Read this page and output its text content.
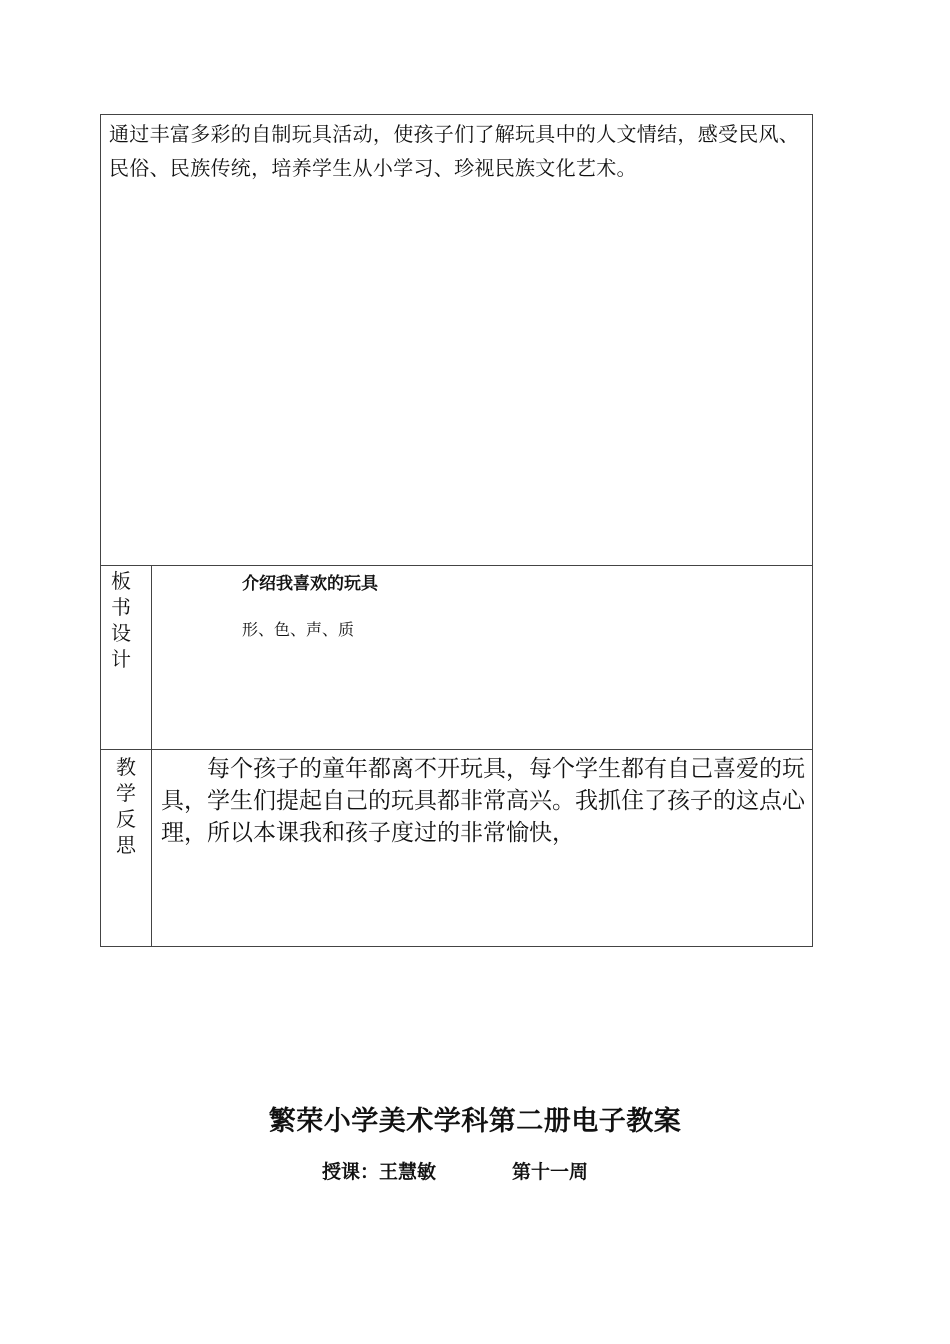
通过丰富多彩的自制玩具活动，使孩子们了解玩具中的人文情结，感受民风、民俗、民族传统，培养学生从小学习、珍视民族文化艺术。	

板书设计	介绍我喜欢的玩具
形、色、声、质

教学反思	每个孩子的童年都离不开玩具，每个学生都有自己喜爱的玩具，学生们提起自己的玩具都非常高兴。我抓住了孩子的这点心理，所以本课我和孩子度过的非常愉快，

繁荣小学美术学科第二册电子教案
授课：王慧敏	第十一周
